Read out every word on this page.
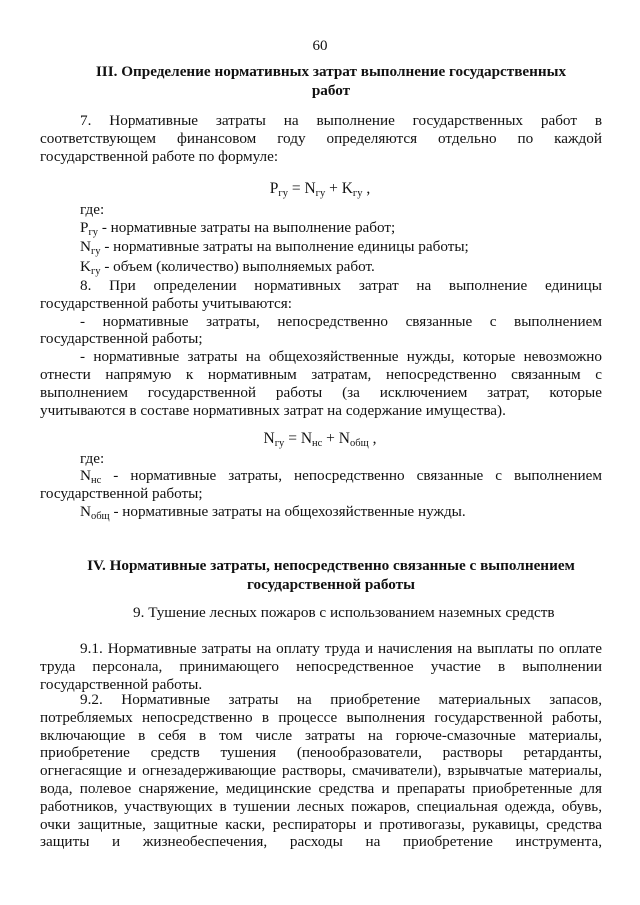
60
III. Определение нормативных затрат выполнение государственных
работ
7. Нормативные затраты на выполнение государственных работ в
соответствующем финансовом году определяются отдельно по каждой
государственной работе по формуле:
$P_{гу} = N_{гу} + K_{гу}$ ,
где:
$P_{гу}$ - нормативные затраты на выполнение работ;
$N_{гу}$ - нормативные затраты на выполнение единицы работы;
$K_{гу}$ - объем (количество) выполняемых работ.
8. При определении нормативных затрат на выполнение единицы
государственной работы учитываются:
- нормативные затраты, непосредственно связанные с выполнением
государственной работы;
- нормативные затраты на общехозяйственные нужды, которые невозможно
отнести напрямую к нормативным затратам, непосредственно связанным с
выполнением государственной работы (за исключением затрат, которые
учитываются в составе нормативных затрат на содержание имущества).
$N_{гу} = N_{нс} + N_{общ}$ ,
где:
$N_{нс}$ - нормативные затраты, непосредственно связанные с выполнением
государственной работы;
$N_{общ}$ - нормативные затраты на общехозяйственные нужды.
IV. Нормативные затраты, непосредственно связанные с выполнением
государственной работы
9. Тушение лесных пожаров с использованием наземных средств
9.1. Нормативные затраты на оплату труда и начисления на выплаты по оплате
труда персонала, принимающего непосредственное участие в выполнении
государственной работы.
9.2. Нормативные затраты на приобретение материальных запасов,
потребляемых непосредственно в процессе выполнения государственной работы,
включающие в себя в том числе затраты на горюче-смазочные материалы,
приобретение средств тушения (пенообразователи, растворы ретарданты,
огнегасящие и огнезадерживающие растворы, смачиватели), взрывчатые материалы,
вода, полевое снаряжение, медицинские средства и препараты приобретенные для
работников, участвующих в тушении лесных пожаров, специальная одежда, обувь,
очки защитные, защитные каски, респираторы и противогазы, рукавицы, средства
защиты и жизнеобеспечения, расходы на приобретение инструмента,
